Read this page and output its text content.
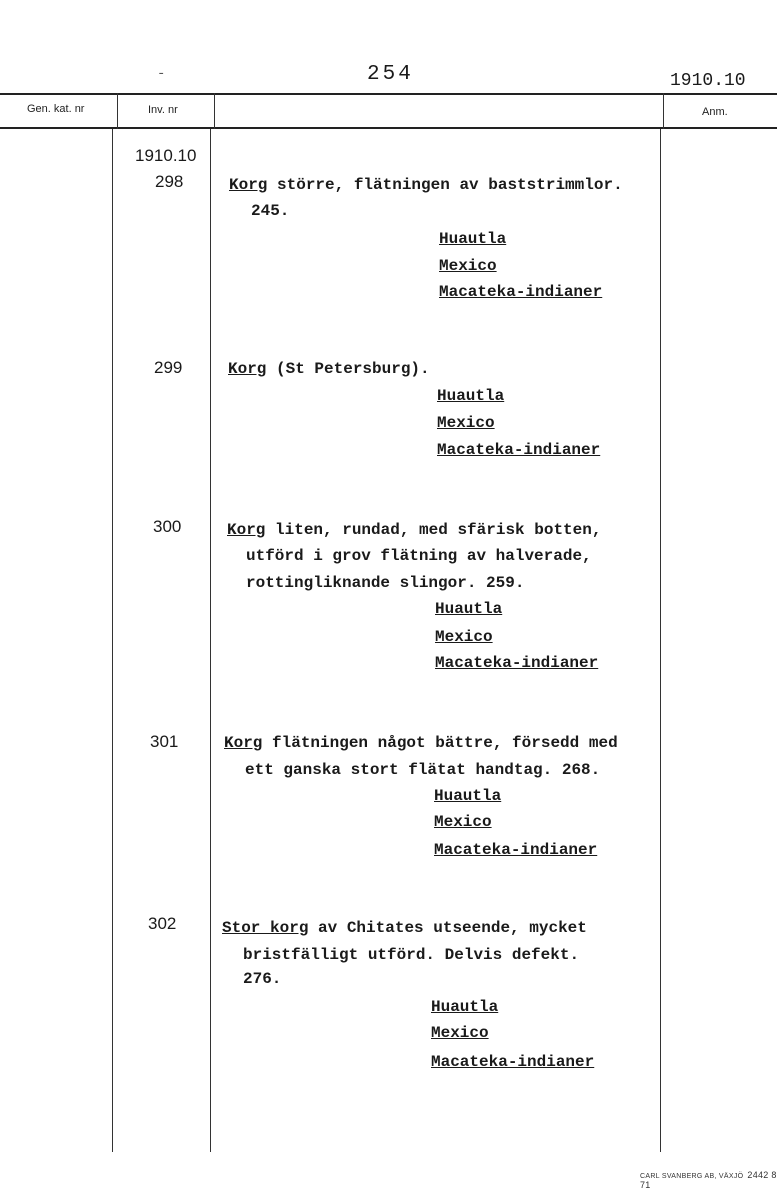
-	254	1910.10
Gen. kat. nr	Inv. nr	Anm.
1910.10
298	Korg större, flätningen av baststrimmlor.
245.
Huautla
Mexico
Macateka-indianer
299	Korg (St Petersburg).
Huautla
Mexico
Macateka-indianer
300	Korg liten, rundad, med sfärisk botten,
utförd i grov flätning av halverade,
rottingliknande slingor. 259.
Huautla
Mexico
Macateka-indianer
301	Korg flätningen något bättre, försedd med
ett ganska stort flätat handtag. 268.
Huautla
Mexico
Macateka-indianer
302	Stor korg av Chitates utseende, mycket
bristfälligt utförd. Delvis defekt.
276.
Huautla
Mexico
Macateka-indianer
CARL SVANBERG AB, VÄXJÖ 2442 8 71
